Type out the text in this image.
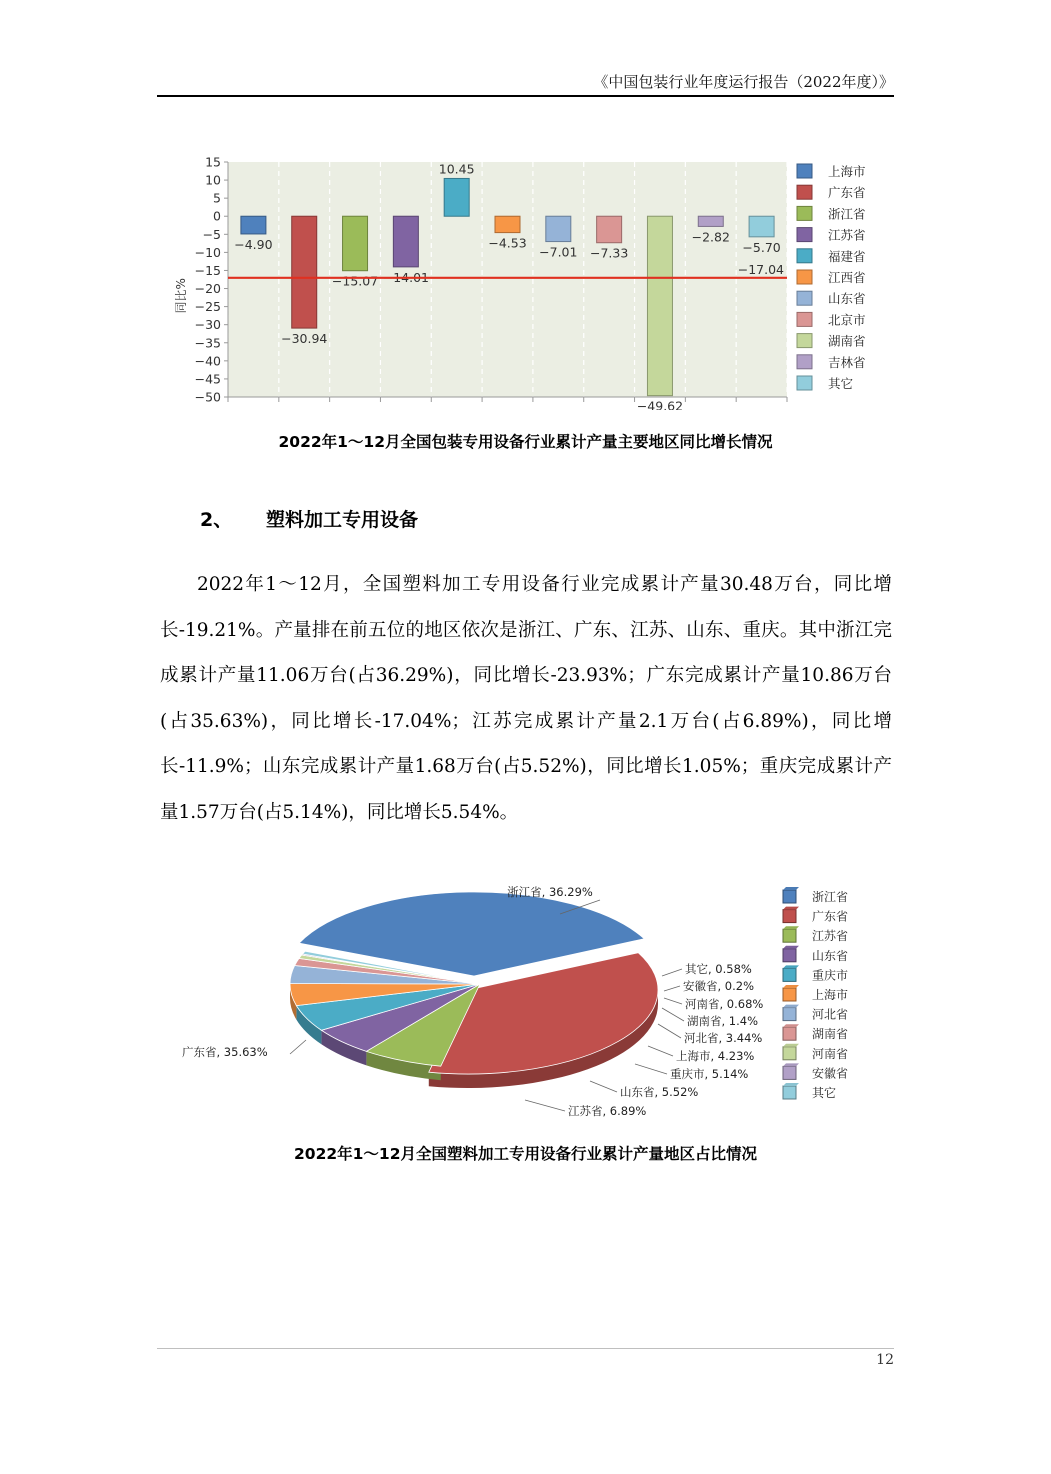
《中国包装行业年度运行报告（2022年度）》
15
10
5
0
−5
−10
−15
−20
−25
−30
−35
−40
−45
−50
同比%
−4.90
−30.94
−15.07 −14.01
10.45
−4.53
−7.01 −7.33
−49.62
−2.82
−5.70
−17.04
上海市
广东省
浙江省
江苏省
福建省
江西省
山东省
北京市
湖南省
吉林省
其它
2022年1～12月全国包装专用设备行业累计产量主要地区同比增长情况
2、 塑料加工专用设备

2022年1～12月，全国塑料加工专用设备行业完成累计产量30.48万台，同比增长-19.21%。产量排在前五位的地区依次是浙江、广东、江苏、山东、重庆。其中浙江完成累计产量11.06万台(占36.29%)，同比增长-23.93%；广东完成累计产量10.86万台(占35.63%)，同比增长-17.04%；江苏完成累计产量2.1万台(占6.89%)，同比增长-11.9%；山东完成累计产量1.68万台(占5.52%)，同比增长1.05%；重庆完成累计产量1.57万台(占5.14%)，同比增长5.54%。

浙江省, 36.29%
广东省, 35.63%
江苏省, 6.89%
山东省, 5.52%
重庆市, 5.14%
上海市, 4.23%
河北省, 3.44%
湖南省, 1.4%
河南省, 0.68%
安徽省, 0.2%
其它, 0.58%
浙江省
广东省
江苏省
山东省
重庆市
上海市
河北省
湖南省
河南省
安徽省
其它
2022年1～12月全国塑料加工专用设备行业累计产量地区占比情况
12
